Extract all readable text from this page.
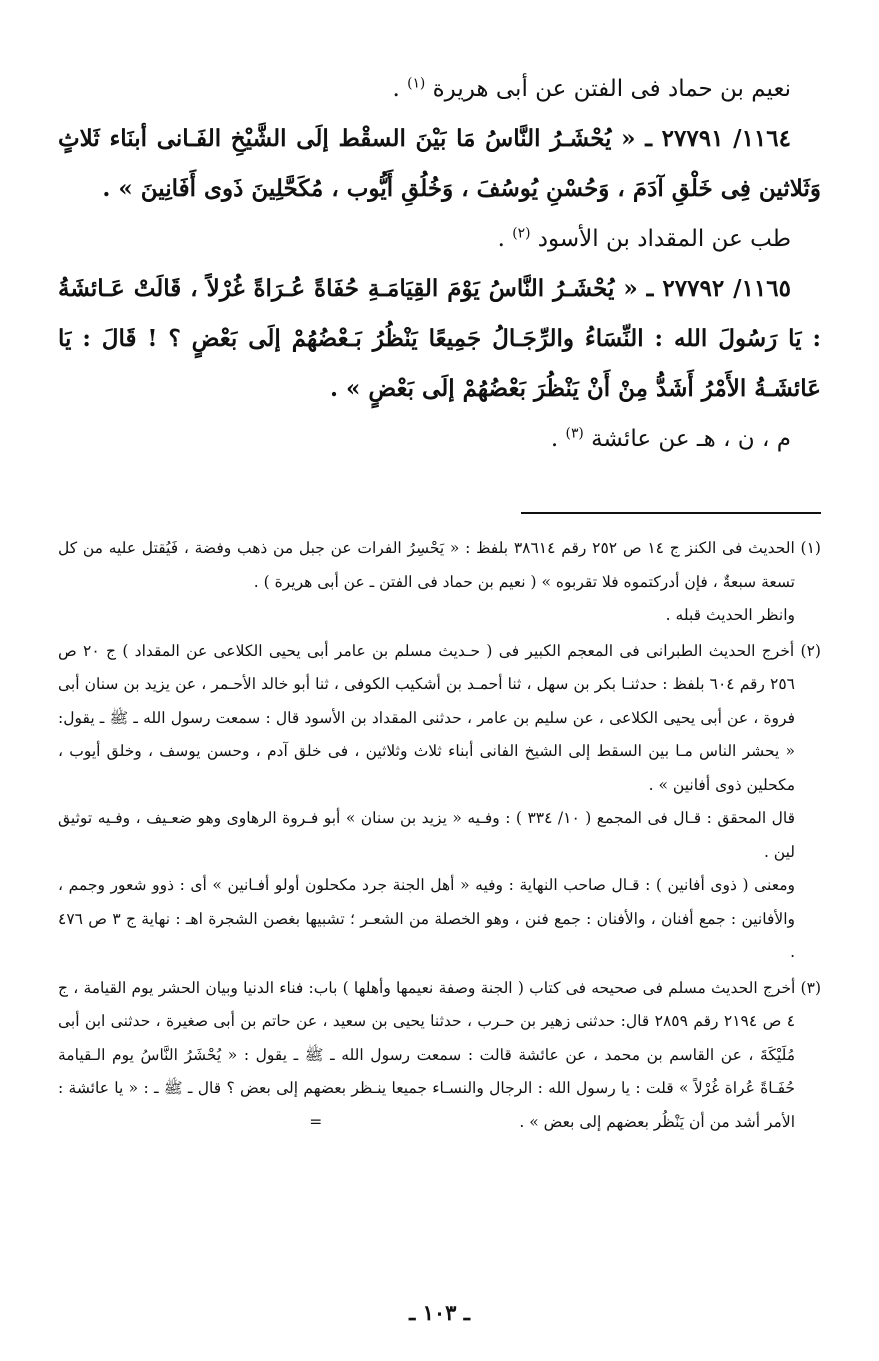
نعيم بن حماد فى الفتن عن أبى هريرة $^{(١)}$ .

١١٦٤/ ٢٧٧٩١ ـ « يُحْشَـرُ النَّاسُ مَا بَيْنَ السقْط إلَى الشَّيْخِ الفَـانى أبنَاء ثَلاثٍ وَثَلاثين فِى خَلْقِ آدَمَ ، وَحُسْنِ يُوسُفَ ، وَخُلُقِ أَيُّوب ، مُكَحَّلِينَ ذَوى أَفَانِينَ » .

طب عن المقداد بن الأسود $^{(٢)}$ .

١١٦٥/ ٢٧٧٩٢ ـ « يُحْشَـرُ النَّاسُ يَوْمَ القِيَامَـةِ حُفَاةً عُـرَاةً غُرْلاً ، قَالَتْ عَـائشَةُ : يَا رَسُولَ الله : النِّسَاءُ والرِّجَـالُ جَمِيعًا يَنْظُرُ بَـعْضُهُمْ إلَى بَعْضٍ ؟ ! قَالَ : يَا عَائشَـةُ الأَمْرُ أَشَدُّ مِنْ أَنْ يَنْظُرَ بَعْضُهُمْ إلَى بَعْضٍ » .

م ، ن ، هـ عن عائشة $^{(٣)}$ .

(١) الحديث فى الكنز ج ١٤ ص ٢٥٢ رقم ٣٨٦١٤ بلفظ : « يَحْسِرُ الفرات عن جبل من ذهب وفضة ، فَيُقتل عليه من كل تسعة سبعةٌ ، فإن أدركتموه فلا تقربوه » ( نعيم بن حماد فى الفتن ـ عن أبى هريرة ) .

وانظر الحديث قبله .

(٢) أخرج الحديث الطبرانى فى المعجم الكبير فى ( حـديث مسلم بن عامر أبى يحيى الكلاعى عن المقداد ) ج ٢٠ ص ٢٥٦ رقم ٦٠٤ بلفظ : حدثنـا بكر بن سهل ، ثنا أحمـد بن أشكيب الكوفى ، ثنا أبو خالد الأحـمر ، عن يزيد بن سنان أبى فروة ، عن أبى يحيى الكلاعى ، عن سليم بن عامر ، حدثنى المقداد بن الأسود قال : سمعت رسول الله ـ ﷺ ـ يقول: « يحشر الناس مـا بين السقط إلى الشيخ الفانى أبناء ثلاث وثلاثين ، فى خلق آدم ، وحسن يوسف ، وخلق أيوب ، مكحلين ذوى أفانين » .

قال المحقق : قـال فى المجمع ( ١٠/ ٣٣٤ ) : وفـيه « يزيد بن سنان » أبو فـروة الرهاوى وهو ضعـيف ، وفـيه توثيق لين .

ومعنى ( ذوى أفانين ) : قـال صاحب النهاية : وفيه « أهل الجنة جرد مكحلون أولو أفـانين » أى : ذوو شعور وجمم ، والأفانين : جمع أفنان ، والأفنان : جمع فنن ، وهو الخصلة من الشعـر ؛ تشبيها بغصن الشجرة اهـ : نهاية ج ٣ ص ٤٧٦ .

(٣) أخرج الحديث مسلم فى صحيحه فى كتاب ( الجنة وصفة نعيمها وأهلها ) باب: فناء الدنيا وبيان الحشر يوم القيامة ، ج ٤ ص ٢١٩٤ رقم ٢٨٥٩ قال: حدثنى زهير بن حـرب ، حدثنا يحيى بن سعيد ، عن حاتم بن أبى صغيرة ، حدثنى ابن أبى مُلَيْكَةَ ، عن القاسم بن محمد ، عن عائشة قالت : سمعت رسول الله ـ ﷺ ـ يقول : « يُحْشَرُ النَّاسُ يوم الـقيامة حُفَـاةً عُراة غُرْلاً » قلت : يا رسول الله : الرجال والنسـاء جميعا ينـظر بعضهم إلى بعض ؟ قال ـ ﷺ ـ : « يا عائشة : الأمر أشد من أن يَنْظُر بعضهم إلى بعض » .                                        =

ـ ١٠٣ ـ
